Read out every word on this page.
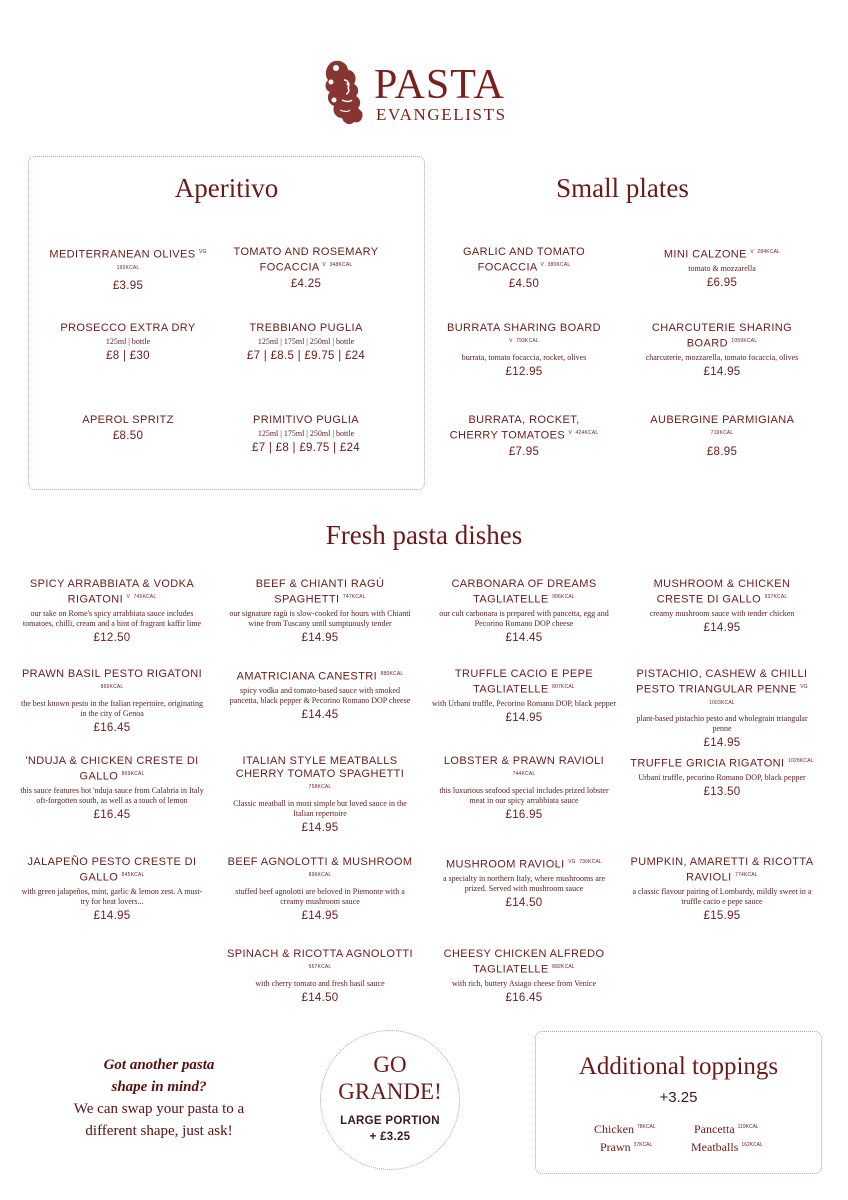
PASTA
EVANGELISTS
Aperitivo	Small plates
MEDITERRANEAN OLIVES $^{VG}$ $^{165KCAL}$
£3.95
TOMATO AND ROSEMARY FOCACCIA $^V$ $^{348KCAL}$
£4.25
PROSECCO EXTRA DRY
125ml | bottle
£8 | £30
TREBBIANO PUGLIA
125ml | 175ml | 250ml | bottle
£7 | £8.5 | £9.75 | £24
APEROL SPRITZ
£8.50
PRIMITIVO PUGLIA
125ml | 175ml | 250ml | bottle
£7 | £8 | £9.75 | £24
GARLIC AND TOMATO FOCACCIA $^V$ $^{380KCAL}$
£4.50
MINI CALZONE $^V$ $^{284KCAL}$
tomato & mozzarella
£6.95
BURRATA SHARING BOARD $^V$ $^{793KCAL}$
burrata, tomato focaccia, rocket, olives
£12.95
CHARCUTERIE SHARING BOARD $^{1059KCAL}$
charcuterie, mozzarella, tomato focaccia, olives
£14.95
BURRATA, ROCKET, CHERRY TOMATOES $^V$ $^{424KCAL}$
£7.95
AUBERGINE PARMIGIANA $^{719KCAL}$
£8.95
Fresh pasta dishes
SPICY ARRABBIATA & VODKA RIGATONI $^V$ $^{745KCAL}$
our take on Rome's spicy arrabbiata sauce includes tomatoes, chilli, cream and a hint of fragrant kaffir lime
£12.50
BEEF & CHIANTI RAGÙ SPAGHETTI $^{747KCAL}$
our signature ragù is slow-cooked for hours with Chianti wine from Tuscany until sumptuously tender
£14.95
CARBONARA OF DREAMS TAGLIATELLE $^{906KCAL}$
our cult carbonara is prepared with pancetta, egg and Pecorino Romano DOP cheese
£14.45
MUSHROOM & CHICKEN CRESTE DI GALLO $^{937KCAL}$
creamy mushroom sauce with tender chicken
£14.95
PRAWN BASIL PESTO RIGATONI $^{865KCAL}$
the best known pesto in the Italian repertoire, originating in the city of Genoa
£16.45
AMATRICIANA CANESTRI $^{880KCAL}$
spicy vodka and tomato-based sauce with smoked pancetta, black pepper & Pecorino Romano DOP cheese
£14.45
TRUFFLE CACIO E PEPE TAGLIATELLE $^{807KCAL}$
with Urbani truffle, Pecorino Romano DOP, black pepper
£14.95
PISTACHIO, CASHEW & CHILLI PESTO TRIANGULAR PENNE $^{VG}$ $^{1003KCAL}$
plant-based pistachio pesto and wholegrain triangular penne
£14.95
'NDUJA & CHICKEN CRESTE DI GALLO $^{869KCAL}$
this sauce features hot 'nduja sauce from Calabria in Italy oft-forgotten south, as well as a touch of lemon
£16.45
ITALIAN STYLE MEATBALLS CHERRY TOMATO SPAGHETTI $^{758KCAL}$
Classic meatball in most simple but loved sauce in the Italian repertoire
£14.95
LOBSTER & PRAWN RAVIOLI $^{744KCAL}$
this luxurious seafood special includes prized lobster meat in our spicy arrabbiata sauce
£16.95
TRUFFLE GRICIA RIGATONI $^{1028KCAL}$
Urbani truffle, pecorino Romano DOP, black pepper
£13.50
JALAPEÑO PESTO CRESTE DI GALLO $^{845KCAL}$
with green jalapeños, mint, garlic & lemon zest. A must-try for heat lovers...
£14.95
BEEF AGNOLOTTI & MUSHROOM $^{896KCAL}$
stuffed beef agnolotti are beloved in Piemonte with a creamy mushroom sauce
£14.95
MUSHROOM RAVIOLI $^{VG}$ $^{736KCAL}$
a specialty in northern Italy, where mushrooms are prized. Served with mushroom sauce
£14.50
PUMPKIN, AMARETTI & RICOTTA RAVIOLI $^{774KCAL}$
a classic flavour pairing of Lombardy, mildly sweet in a truffle cacio e pepe sauce
£15.95
SPINACH & RICOTTA AGNOLOTTI $^{567KCAL}$
with cherry tomato and fresh basil sauce
£14.50
CHEESY CHICKEN ALFREDO TAGLIATELLE $^{882KCAL}$
with rich, buttery Asiago cheese from Venice
£16.45
Got another pasta
shape in mind?
We can swap your pasta to a
different shape, just ask!
GO
GRANDE!
LARGE PORTION
+ £3.25
Additional toppings
+3.25
Chicken $^{78KCAL}$	Pancetta $^{119KCAL}$
Prawn $^{37KCAL}$	Meatballs $^{162KCAL}$
